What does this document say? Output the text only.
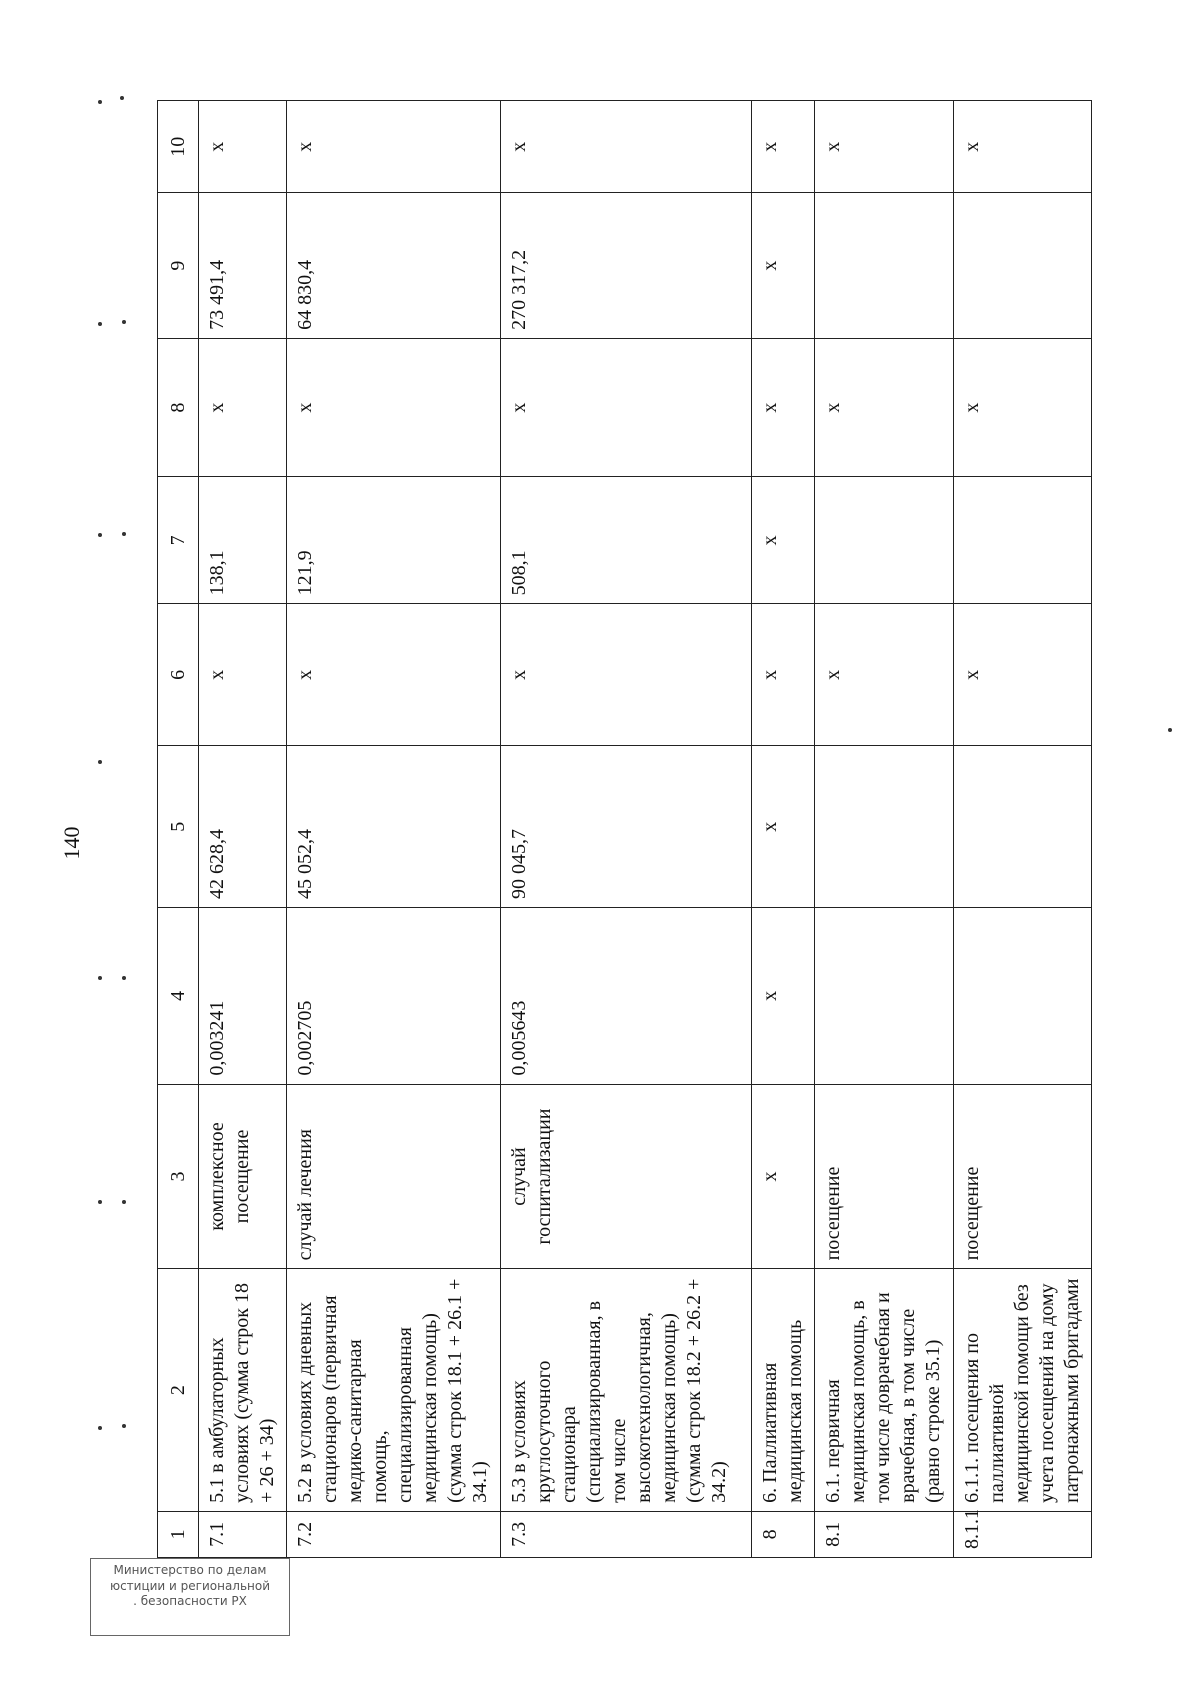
140
1	2	3	4	5	6	7	8	9	10
7.1	5.1 в амбулаторных условиях (сумма строк 18 + 26 + 34)	комплексное посещение	0,003241	42 628,4	х	138,1	х	73 491,4	х
7.2	5.2 в условиях дневных стационаров (первичная медико-санитарная помощь, специализированная медицинская помощь) (сумма строк 18.1 + 26.1 + 34.1)	случай лечения	0,002705	45 052,4	х	121,9	х	64 830,4	х
7.3	5.3 в условиях круглосуточного стационара (специализированная, в том числе высокотехнологичная, медицинская помощь) (сумма строк 18.2 + 26.2 + 34.2)	случай госпитализации	0,005643	90 045,7	х	508,1	х	270 317,2	х
8	6. Паллиативная медицинская помощь	х	х	х	х	х	х	х	х
8.1	6.1. первичная медицинская помощь, в том числе доврачебная и врачебная, в том числе (равно строке 35.1)	посещение			х		х		х
8.1.1	6.1.1. посещения по паллиативной медицинской помощи без учета посещений на дому патронажными бригадами	посещение			х		х		х
Министерство по делам
юстиции и региональной
. безопасности РХ
